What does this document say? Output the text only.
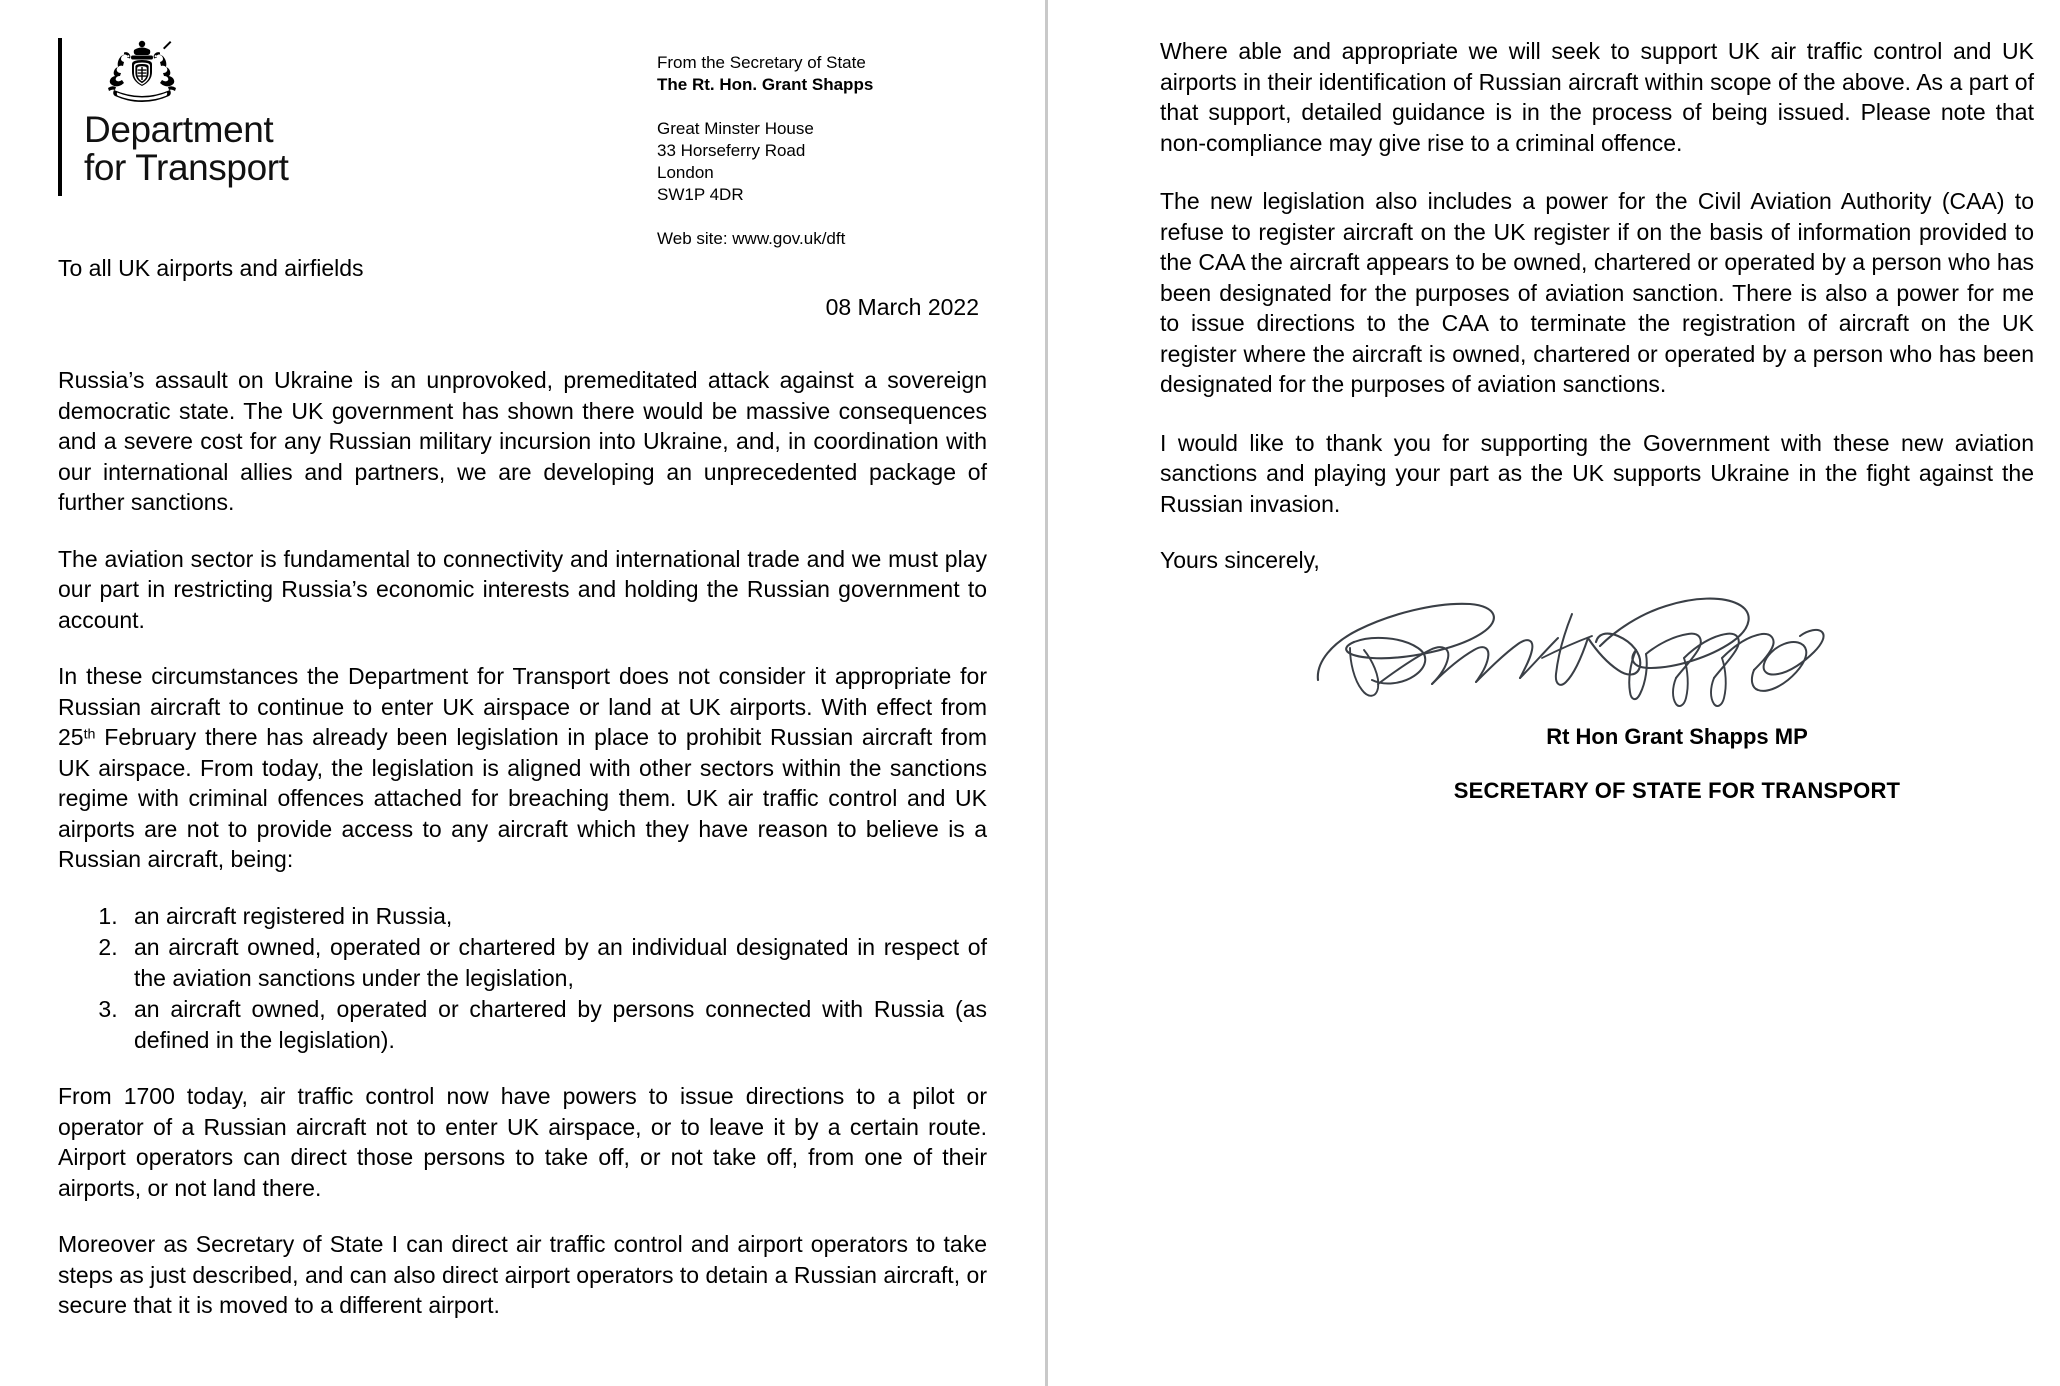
Department
for Transport
From the Secretary of State
The Rt. Hon. Grant Shapps
Great Minster House
33 Horseferry Road
London
SW1P 4DR
Web site: www.gov.uk/dft
To all UK airports and airfields
08 March 2022

Russia’s assault on Ukraine is an unprovoked, premeditated attack against a sovereign democratic state. The UK government has shown there would be massive consequences and a severe cost for any Russian military incursion into Ukraine, and, in coordination with our international allies and partners, we are developing an unprecedented package of further sanctions.

The aviation sector is fundamental to connectivity and international trade and we must play our part in restricting Russia’s economic interests and holding the Russian government to account.

In these circumstances the Department for Transport does not consider it appropriate for Russian aircraft to continue to enter UK airspace or land at UK airports. With effect from 25th February there has already been legislation in place to prohibit Russian aircraft from UK airspace. From today, the legislation is aligned with other sectors within the sanctions regime with criminal offences attached for breaching them. UK air traffic control and UK airports are not to provide access to any aircraft which they have reason to believe is a Russian aircraft, being:

1. an aircraft registered in Russia,
2. an aircraft owned, operated or chartered by an individual designated in respect of the aviation sanctions under the legislation,
3. an aircraft owned, operated or chartered by persons connected with Russia (as defined in the legislation).

From 1700 today, air traffic control now have powers to issue directions to a pilot or operator of a Russian aircraft not to enter UK airspace, or to leave it by a certain route. Airport operators can direct those persons to take off, or not take off, from one of their airports, or not land there.

Moreover as Secretary of State I can direct air traffic control and airport operators to take steps as just described, and can also direct airport operators to detain a Russian aircraft, or secure that it is moved to a different airport.

Where able and appropriate we will seek to support UK air traffic control and UK airports in their identification of Russian aircraft within scope of the above. As a part of that support, detailed guidance is in the process of being issued. Please note that non-compliance may give rise to a criminal offence.

The new legislation also includes a power for the Civil Aviation Authority (CAA) to refuse to register aircraft on the UK register if on the basis of information provided to the CAA the aircraft appears to be owned, chartered or operated by a person who has been designated for the purposes of aviation sanction. There is also a power for me to issue directions to the CAA to terminate the registration of aircraft on the UK register where the aircraft is owned, chartered or operated by a person who has been designated for the purposes of aviation sanctions.

I would like to thank you for supporting the Government with these new aviation sanctions and playing your part as the UK supports Ukraine in the fight against the Russian invasion.

Yours sincerely,
Rt Hon Grant Shapps MP
SECRETARY OF STATE FOR TRANSPORT
